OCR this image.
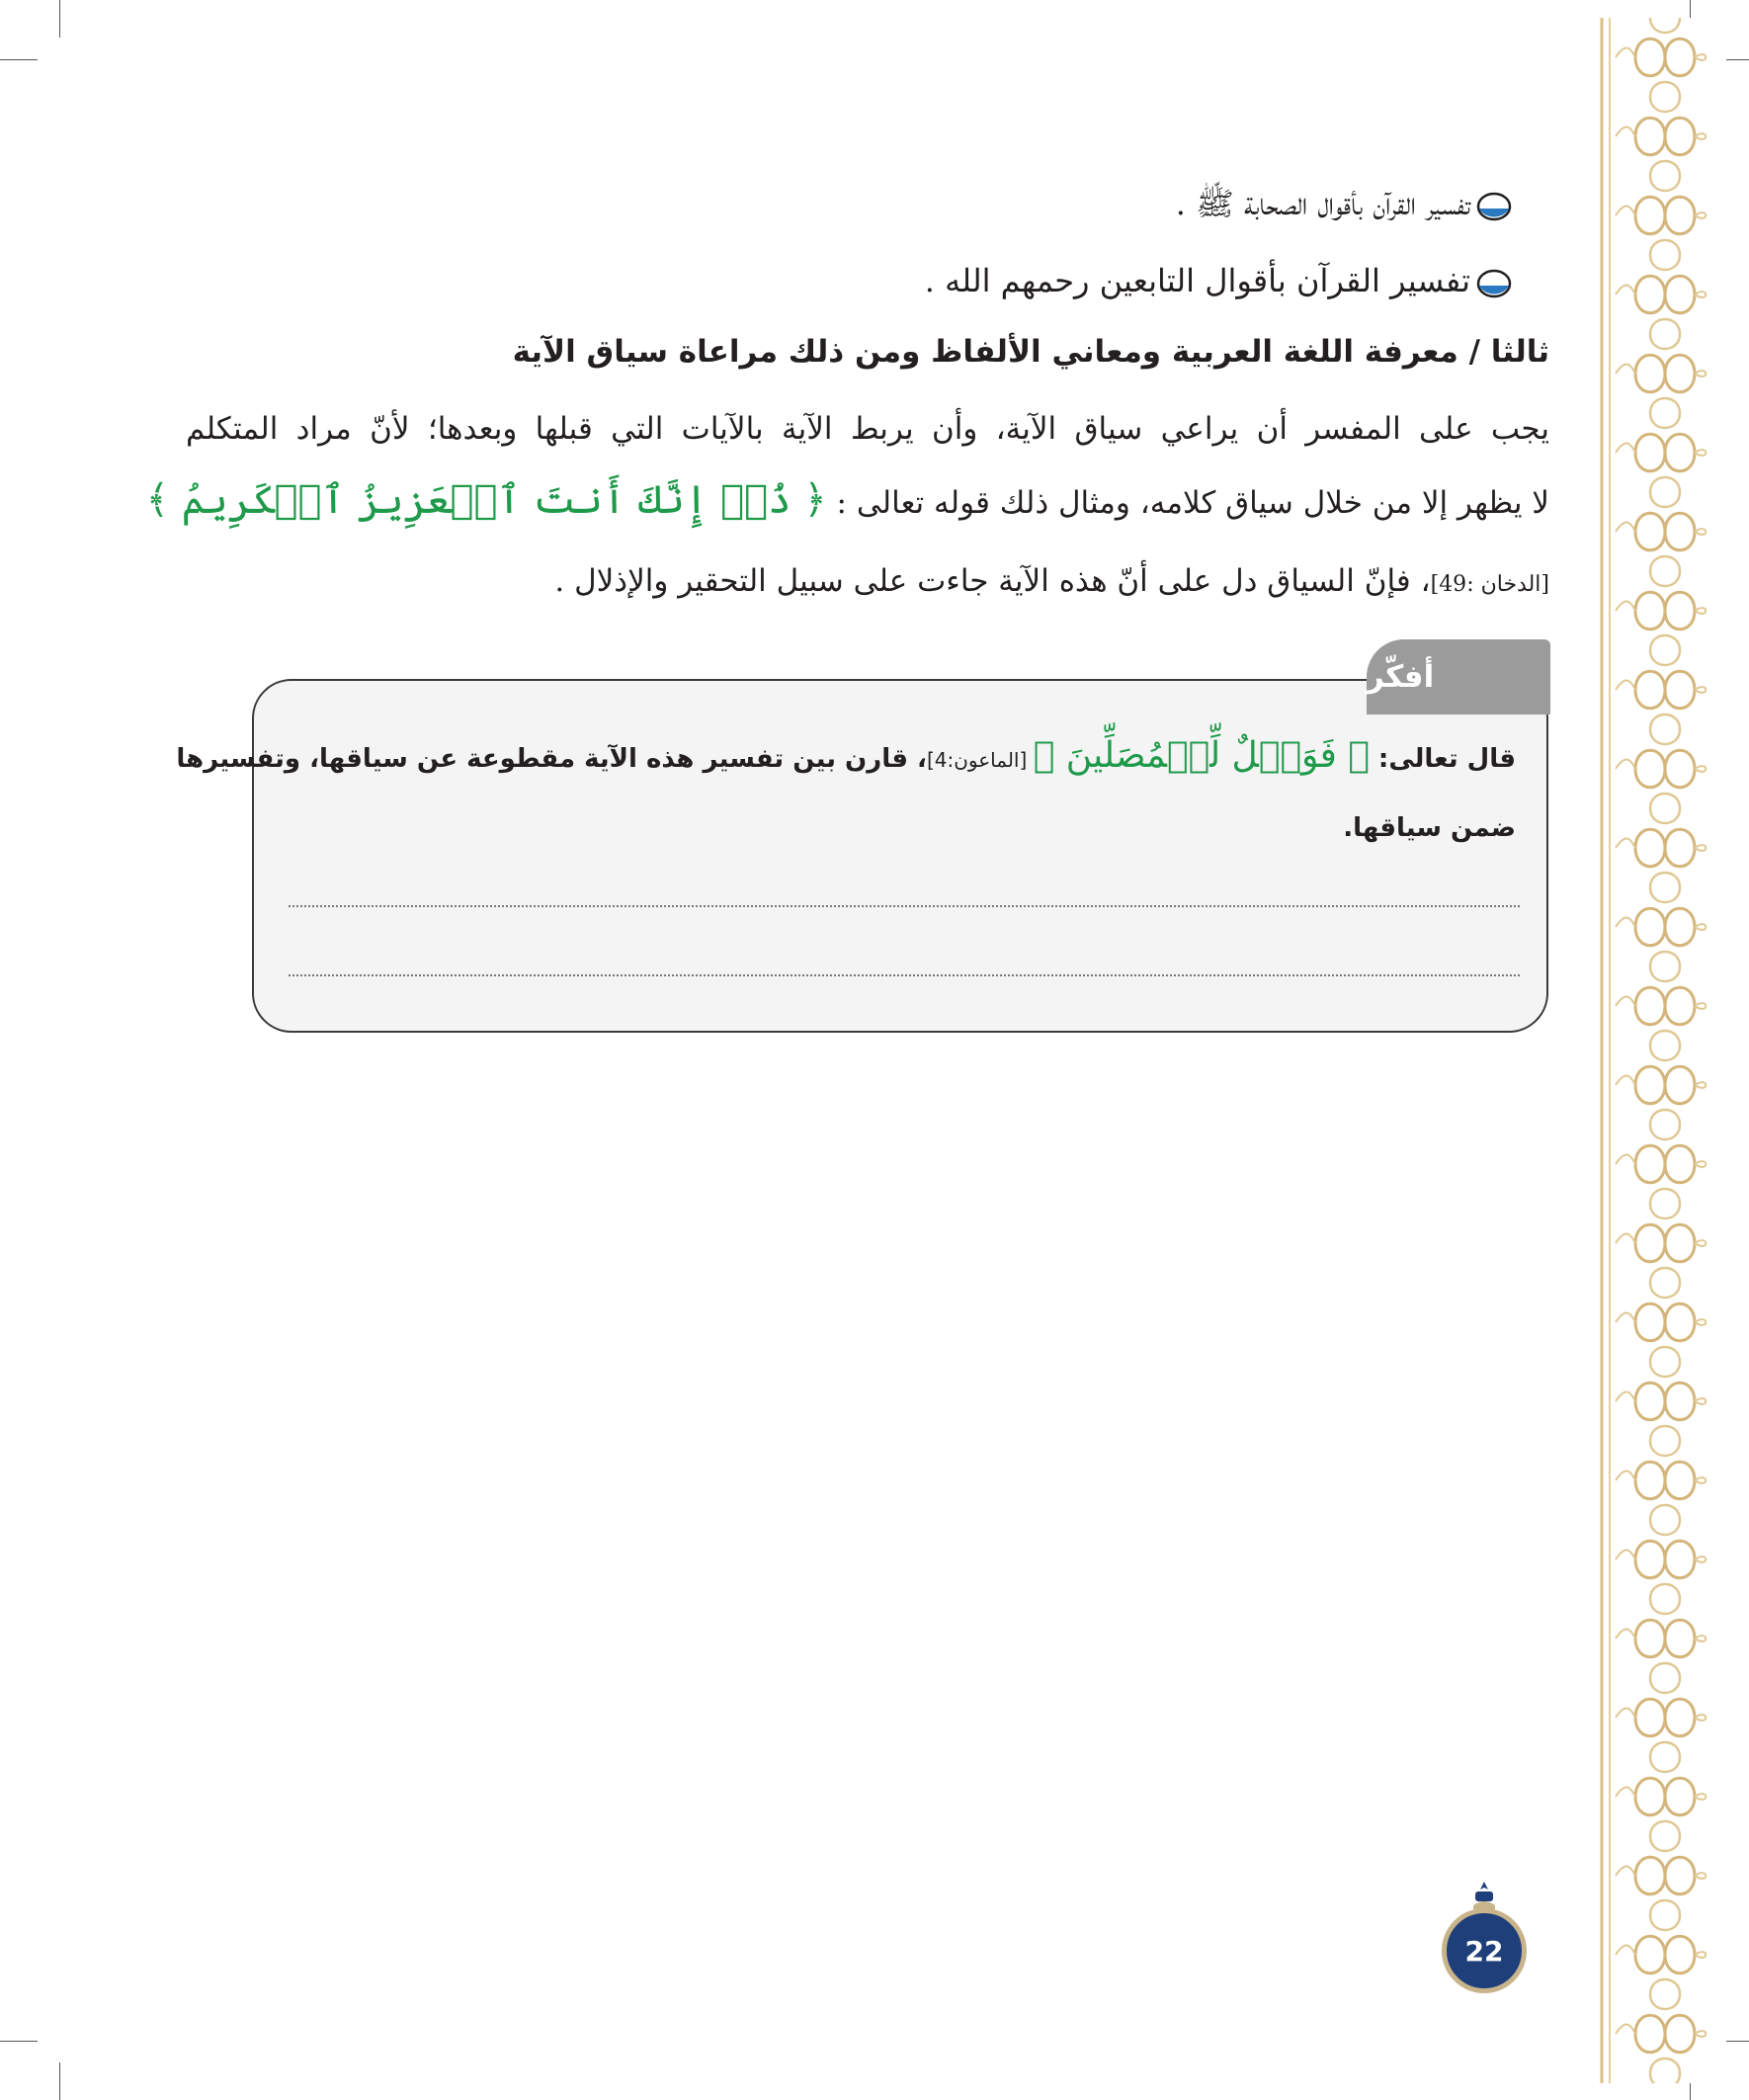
تفسير القرآن بأقوال الصحابة ﷺ .
تفسير القرآن بأقوال التابعين رحمهم الله .
ثالثا / معرفة اللغة العربية ومعاني الألفاظ ومن ذلك مراعاة سياق الآية
يجب على المفسر أن يراعي سياق الآية، وأن يربط الآية بالآيات التي قبلها وبعدها؛ لأنّ مراد المتكلم
لا يظهر إلا من خلال سياق كلامه، ومثال ذلك قوله تعالى : ﴿ ذُقۡ إِنَّكَ أَنتَ ٱلۡعَزِيزُ ٱلۡكَرِيمُ ﴾
[الدخان :49]، فإنّ السياق دل على أنّ هذه الآية جاءت على سبيل التحقير والإذلال .
أفكّر
قال تعالى: ﴿ فَوَيۡلٌ لِّلۡمُصَلِّينَ ﴾ [الماعون:4]، قارن بين تفسير هذه الآية مقطوعة عن سياقها، وتفسيرها
ضمن سياقها.
22
